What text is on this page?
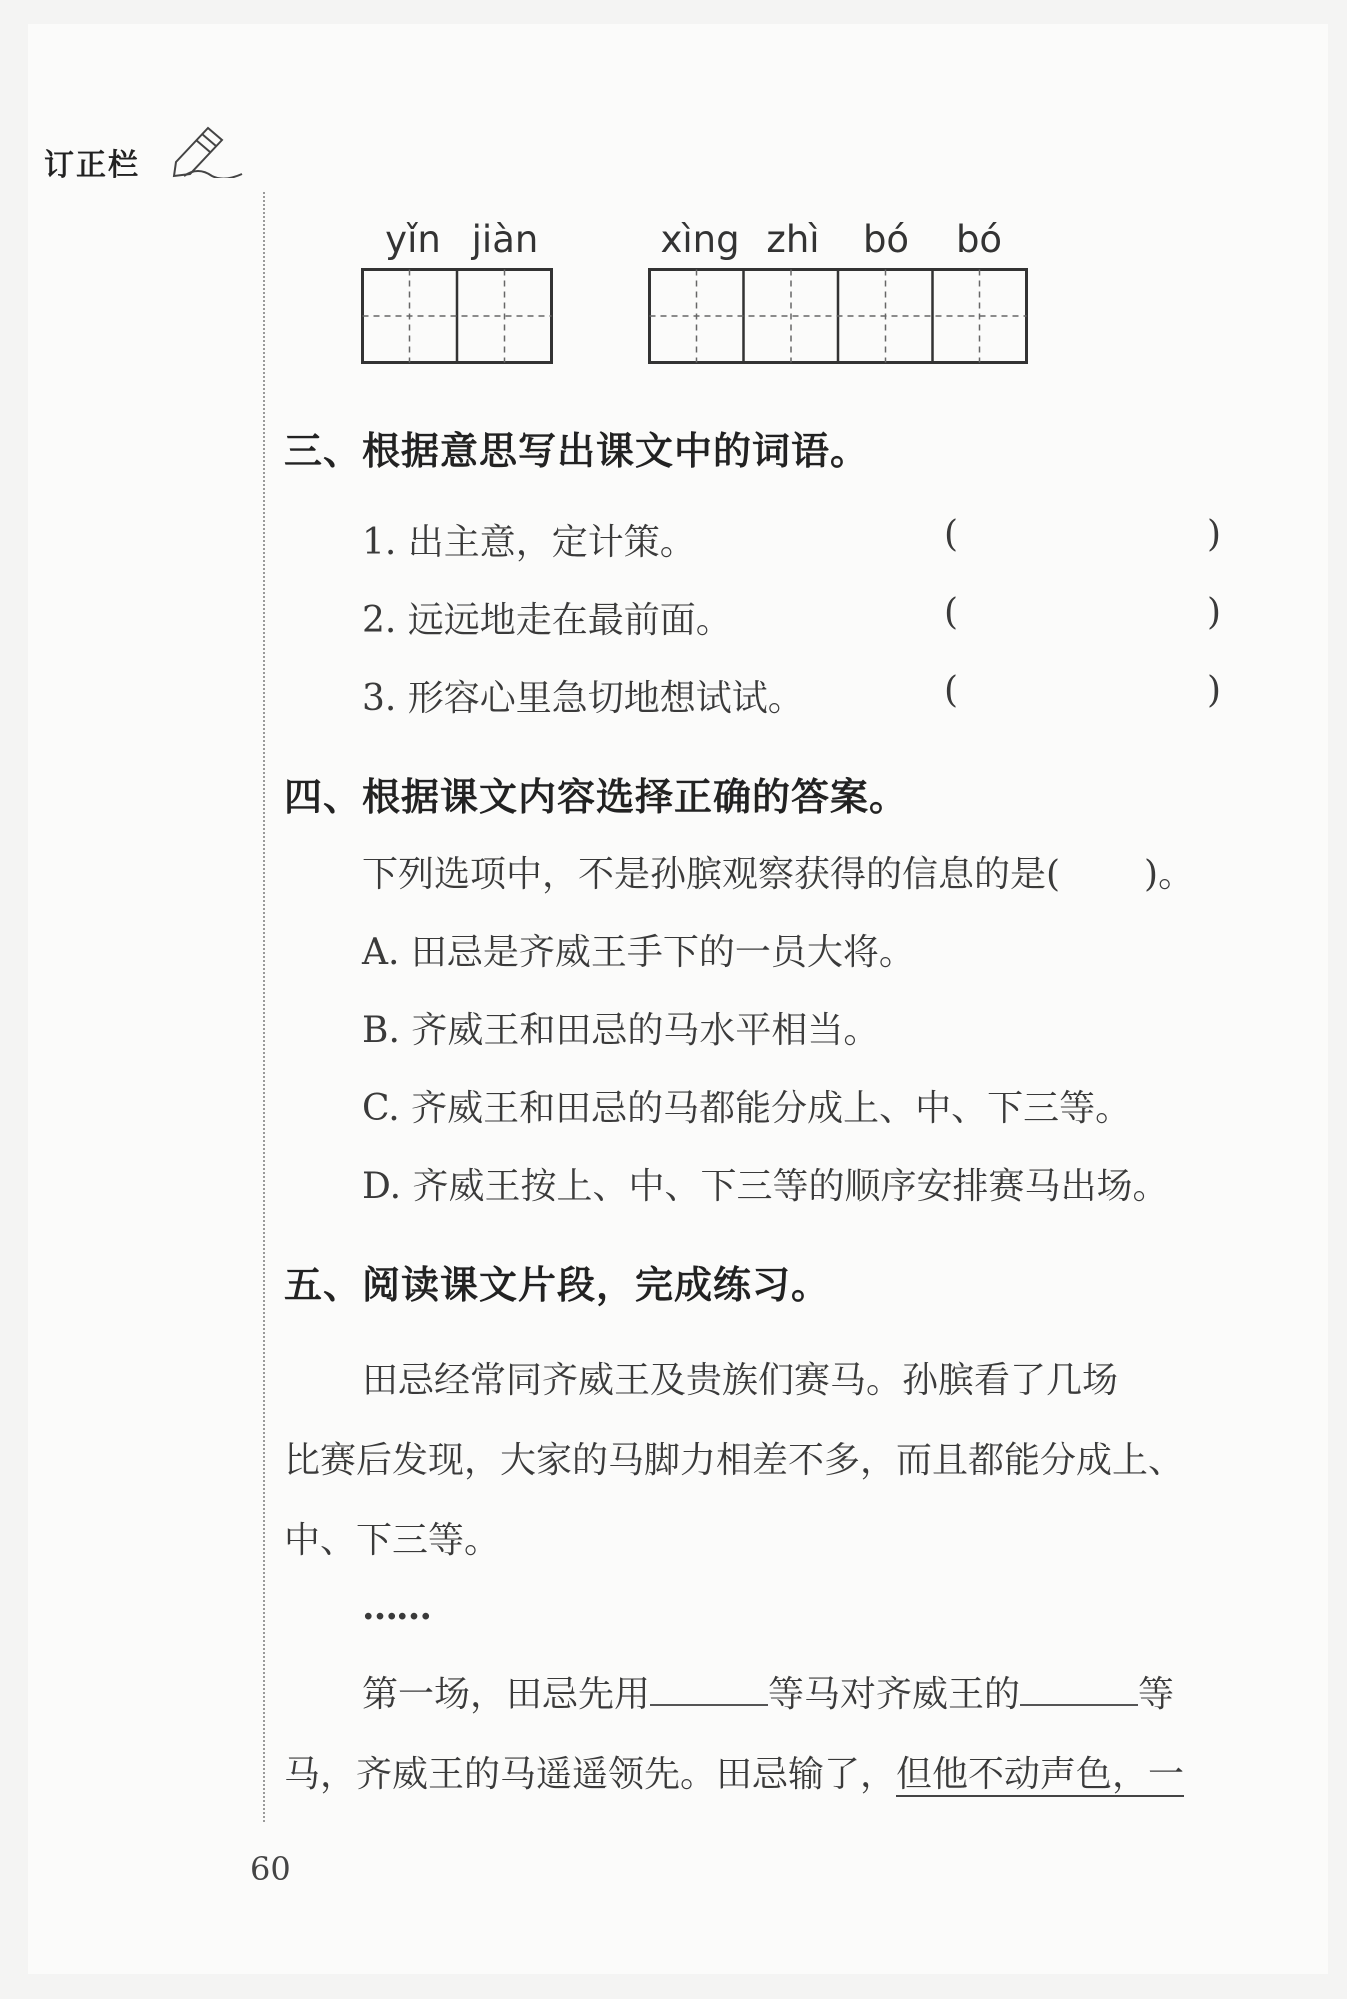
订正栏
yǐn jiàn	xìng zhì	bó	bó
三、根据意思写出课文中的词语。
1. 出主意，定计策。	(	)
2. 远远地走在最前面。	(	)
3. 形容心里急切地想试试。	(	)
四、根据课文内容选择正确的答案。
下列选项中，不是孙膑观察获得的信息的是( )。
A. 田忌是齐威王手下的一员大将。
B. 齐威王和田忌的马水平相当。
C. 齐威王和田忌的马都能分成上、中、下三等。
D. 齐威王按上、中、下三等的顺序安排赛马出场。
五、阅读课文片段，完成练习。
田忌经常同齐威王及贵族们赛马。孙膑看了几场
比赛后发现，大家的马脚力相差不多，而且都能分成上、
中、下三等。
……
第一场，田忌先用	等马对齐威王的	等
马，齐威王的马遥遥领先。田忌输了，但他不动声色，一
60
